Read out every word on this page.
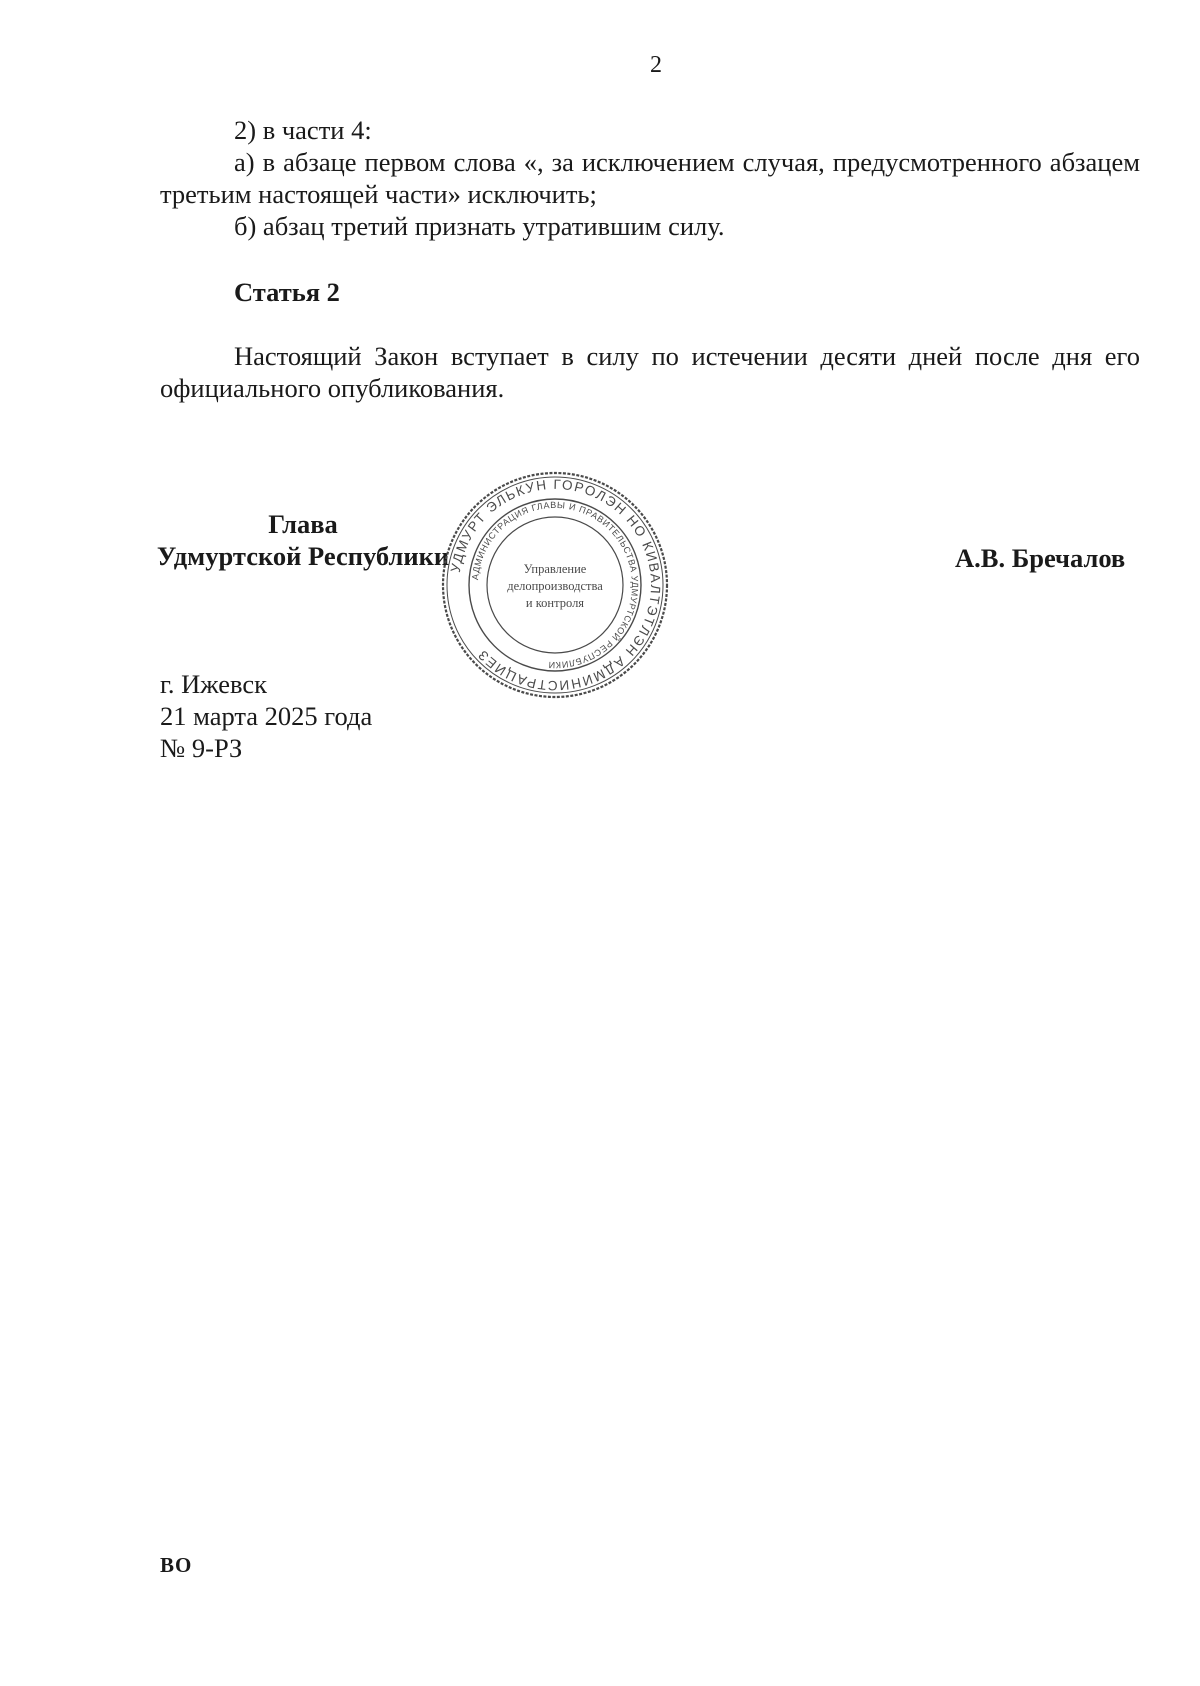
2

2) в части 4:

а) в абзаце первом слова «, за исключением случая, предусмотренного абзацем третьим настоящей части» исключить;

б) абзац третий признать утратившим силу.

Статья 2

Настоящий Закон вступает в силу по истечении десяти дней после дня его официального опубликования.

Глава
Удмуртской Республики	А.В. Бречалов
УДМУРТ ЭЛЬКУН ГОРОЛЭН НО КИВАЛТЭТЛЭН АДМИНИСТРАЦИЕЗ
АДМИНИСТРАЦИЯ ГЛАВЫ И ПРАВИТЕЛЬСТВА УДМУРТСКОЙ РЕСПУБЛИКИ
Управление
делопроизводства
и контроля
г. Ижевск
21 марта 2025 года
№ 9-РЗ
ВО
